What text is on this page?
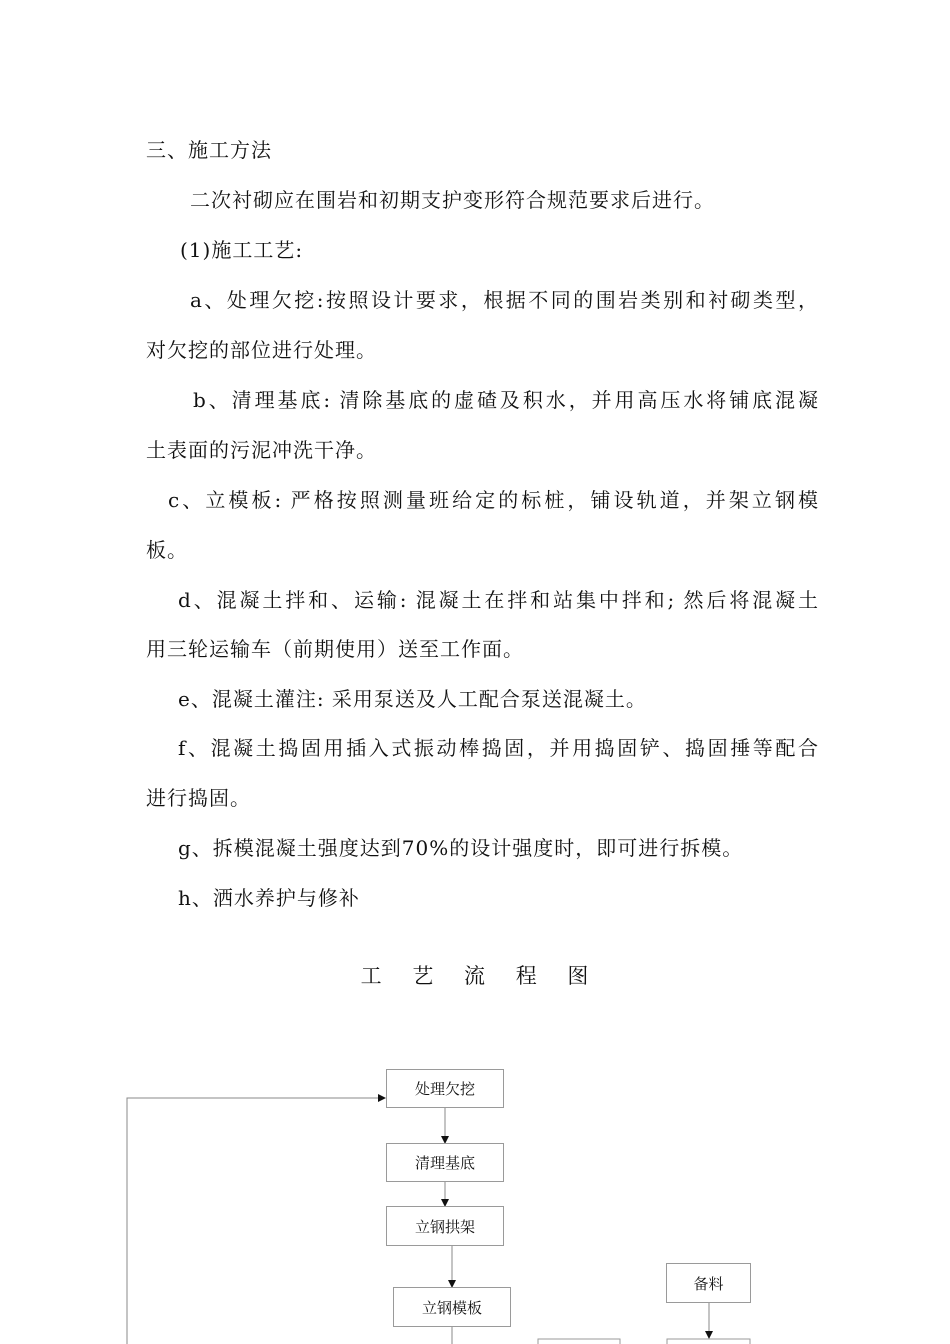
三、施工方法
二次衬砌应在围岩和初期支护变形符合规范要求后进行。
(1)施工工艺:
a、处理欠挖:按照设计要求，根据不同的围岩类别和衬砌类型，
对欠挖的部位进行处理。
b、清理基底: 清除基底的虚碴及积水，并用高压水将铺底混凝
土表面的污泥冲洗干净。
c、立模板: 严格按照测量班给定的标桩，铺设轨道，并架立钢模
板。
d、混凝土拌和、运输: 混凝土在拌和站集中拌和; 然后将混凝土
用三轮运输车（前期使用）送至工作面。
e、混凝土灌注: 采用泵送及人工配合泵送混凝土。
f、混凝土捣固用插入式振动棒捣固，并用捣固铲、捣固捶等配合
进行捣固。
g、拆模混凝土强度达到70%的设计强度时，即可进行拆模。
h、洒水养护与修补
工 艺 流 程 图
处理欠挖
清理基底
立钢拱架
立钢模板
备料
